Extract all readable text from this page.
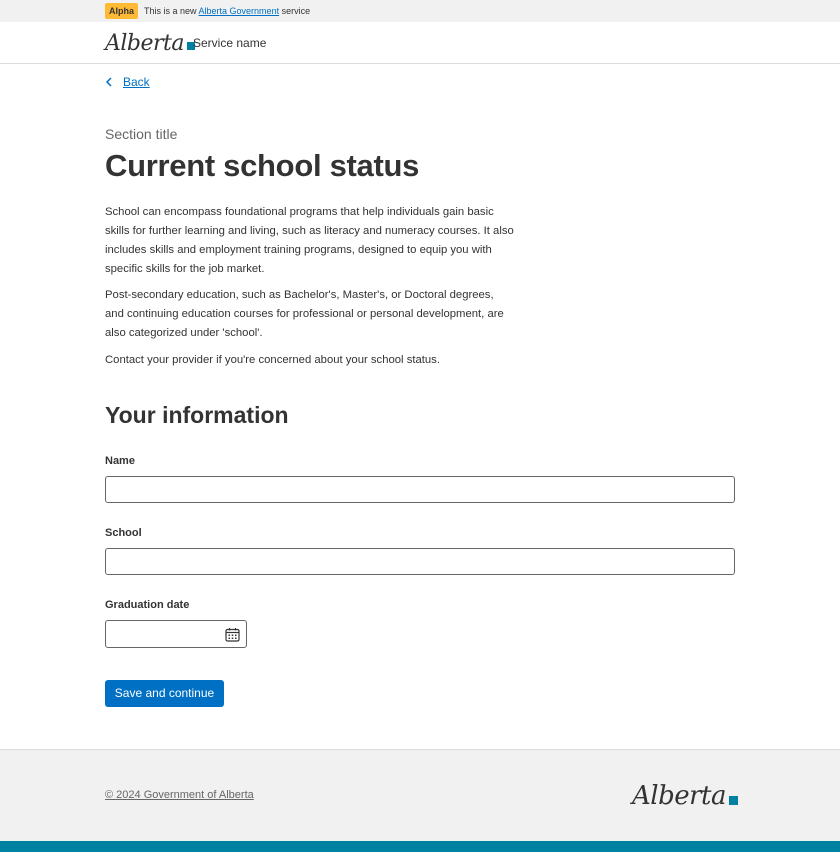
Alpha	This is a new Alberta Government service
Alberta Service name
Back
Section title
Current school status

School can encompass foundational programs that help individuals gain basic skills for further learning and living, such as literacy and numeracy courses. It also includes skills and employment training programs, designed to equip you with specific skills for the job market.

Post-secondary education, such as Bachelor's, Master's, or Doctoral degrees, and continuing education courses for professional or personal development, are also categorized under 'school'.

Contact your provider if you're concerned about your school status.

Your information
Name
School
Graduation date
Save and continue
© 2024 Government of Alberta	Alberta
